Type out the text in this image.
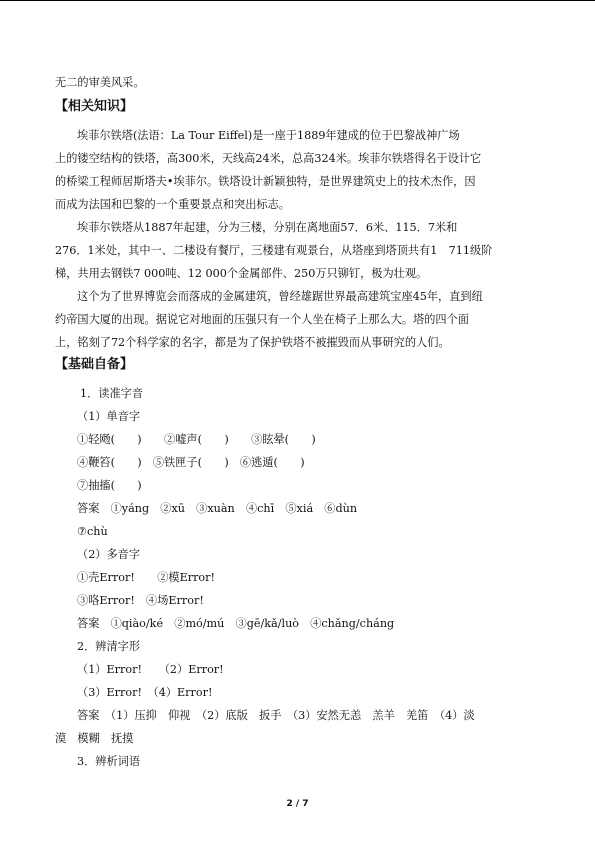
无二的审美风采。
【相关知识】
埃菲尔铁塔(法语：La Tour Eiffel)是一座于1889年建成的位于巴黎战神广场
上的镂空结构的铁塔，高300米，天线高24米，总高324米。埃菲尔铁塔得名于设计它
的桥梁工程师居斯塔夫•埃菲尔。铁塔设计新颖独特，是世界建筑史上的技术杰作，因
而成为法国和巴黎的一个重要景点和突出标志。
埃菲尔铁塔从1887年起建，分为三楼，分别在离地面57．6米、115．7米和
276．1米处，其中一、二楼设有餐厅，三楼建有观景台，从塔座到塔顶共有1　711级阶
梯，共用去钢铁7 000吨、12 000个金属部件、250万只铆钉，极为壮观。
这个为了世界博览会而落成的金属建筑，曾经雄踞世界最高建筑宝座45年，直到纽
约帝国大厦的出现。据说它对地面的压强只有一个人坐在椅子上那么大。塔的四个面
上，铭刻了72个科学家的名字，都是为了保护铁塔不被摧毁而从事研究的人们。
【基础自备】
1．读准字音
（1）单音字
①轻飏(　　)　　②嘘声(　　)　　③眩晕(　　)
④鞭笞(　　)　⑤铁匣子(　　)　⑥逃遁(　　)
⑦抽搐(　　)
答案　①yáng　②xū　③xuàn　④chī　⑤xiá　⑥dùn
⑦chù
（2）多音字
①壳Error!　　②模Error!
③咯Error!　④场Error!
答案　①qiào/ké　②mó/mú　③gē/kǎ/luò　④chǎng/cháng
2．辨清字形
（1）Error!　　（2）Error!
（3）Error!　（4）Error!
答案　（1）压抑　仰视　（2）底版　扳手　（3）安然无恙　羔羊　羌笛　（4）淡
漠　模糊　抚摸
3．辨析词语
2 / 7
